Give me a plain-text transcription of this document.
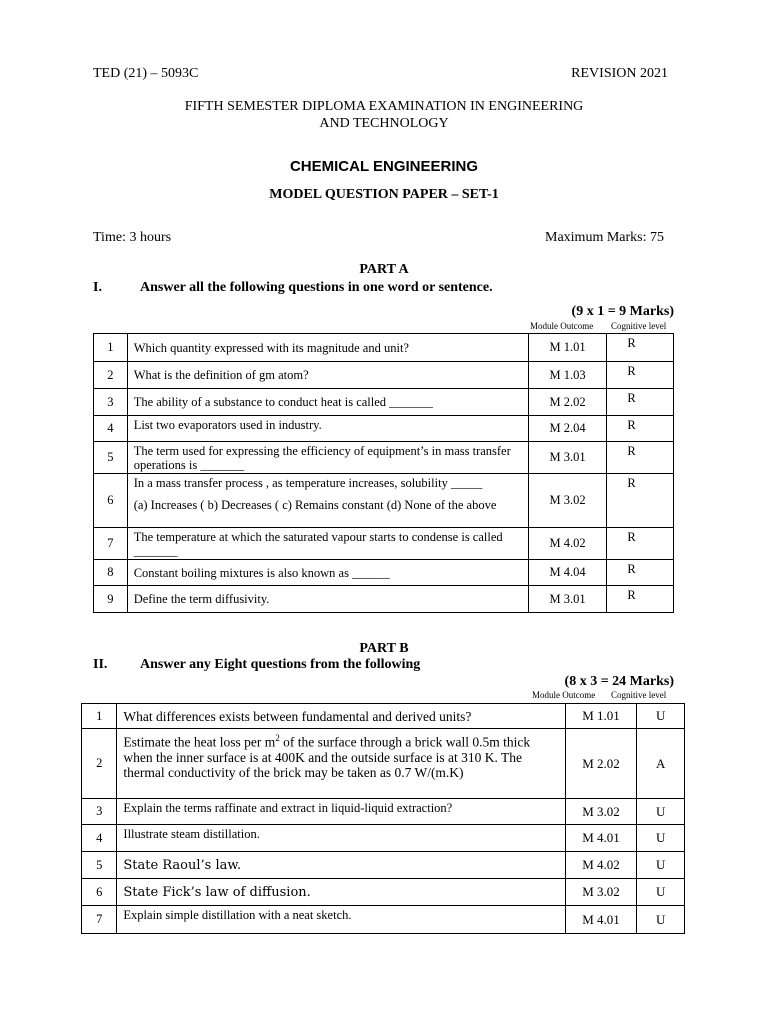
TED (21) – 5093C	REVISION 2021
FIFTH SEMESTER DIPLOMA EXAMINATION IN ENGINEERING
AND TECHNOLOGY
CHEMICAL ENGINEERING
MODEL QUESTION PAPER – SET-1
Time: 3 hours	Maximum Marks: 75
PART A
I.	Answer all the following questions in one word or sentence.
(9 x 1 = 9 Marks)
Module Outcome Cognitive level
1	Which quantity expressed with its magnitude and unit?	M 1.01	R
2	What is the definition of gm atom?	M 1.03	R
3	The ability of a substance to conduct heat is called _______	M 2.02	R
4	List two evaporators used in industry.	M 2.04	R
5	The term used for expressing the efficiency of equipment’s in mass transfer operations is _______	M 3.01	R
6	In a mass transfer process , as temperature increases, solubility _____
(a) Increases ( b) Decreases ( c) Remains constant (d) None of the above	M 3.02	R
7	The temperature at which the saturated vapour starts to condense is called _______	M 4.02	R
8	Constant boiling mixtures is also known as ______	M 4.04	R
9	Define the term diffusivity.	M 3.01	R
PART B
II. Answer any Eight questions from the following
(8 x 3 = 24 Marks)
Module Outcome Cognitive level
1	What differences exists between fundamental and derived units?	M 1.01	U
2	Estimate the heat loss per $m^2$ of the surface through a brick wall 0.5m thick when the inner surface is at 400K and the outside surface is at 310 K. The thermal conductivity of the brick may be taken as 0.7 W/(m.K)	M 2.02	A
3	Explain the terms raffinate and extract in liquid-liquid extraction?	M 3.02	U
4	Illustrate steam distillation.	M 4.01	U
5	State Raoul’s law.	M 4.02	U
6	State Fick’s law of diffusion.	M 3.02	U
7	Explain simple distillation with a neat sketch.	M 4.01	U
